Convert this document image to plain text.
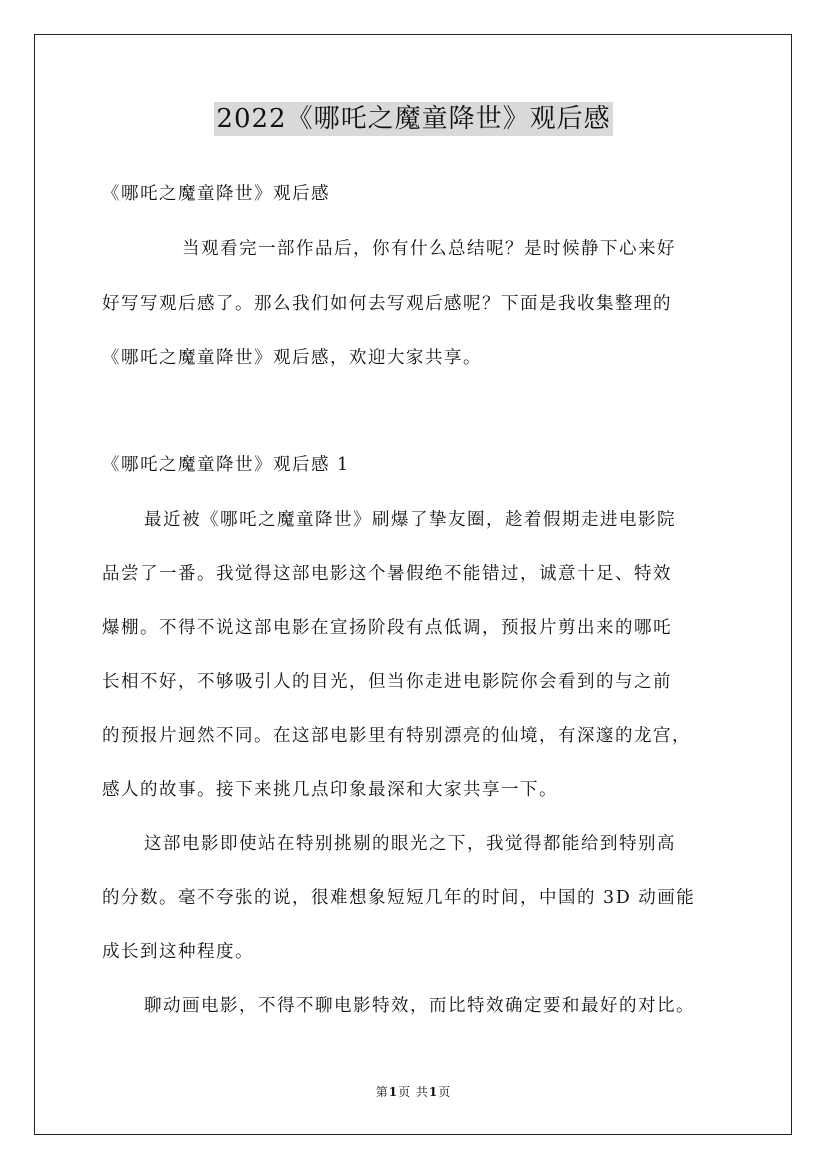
2022《哪吒之魔童降世》观后感
《哪吒之魔童降世》观后感
当观看完一部作品后，你有什么总结呢？是时候静下心来好
好写写观后感了。那么我们如何去写观后感呢？下面是我收集整理的
《哪吒之魔童降世》观后感，欢迎大家共享。
《哪吒之魔童降世》观后感 1
最近被《哪吒之魔童降世》刷爆了挚友圈，趁着假期走进电影院
品尝了一番。我觉得这部电影这个暑假绝不能错过，诚意十足、特效
爆棚。不得不说这部电影在宣扬阶段有点低调，预报片剪出来的哪吒
长相不好，不够吸引人的目光，但当你走进电影院你会看到的与之前
的预报片迥然不同。在这部电影里有特别漂亮的仙境，有深邃的龙宫，
感人的故事。接下来挑几点印象最深和大家共享一下。
这部电影即使站在特别挑剔的眼光之下，我觉得都能给到特别高
的分数。毫不夸张的说，很难想象短短几年的时间，中国的 3D 动画能
成长到这种程度。
聊动画电影，不得不聊电影特效，而比特效确定要和最好的对比。
第1页 共1页
